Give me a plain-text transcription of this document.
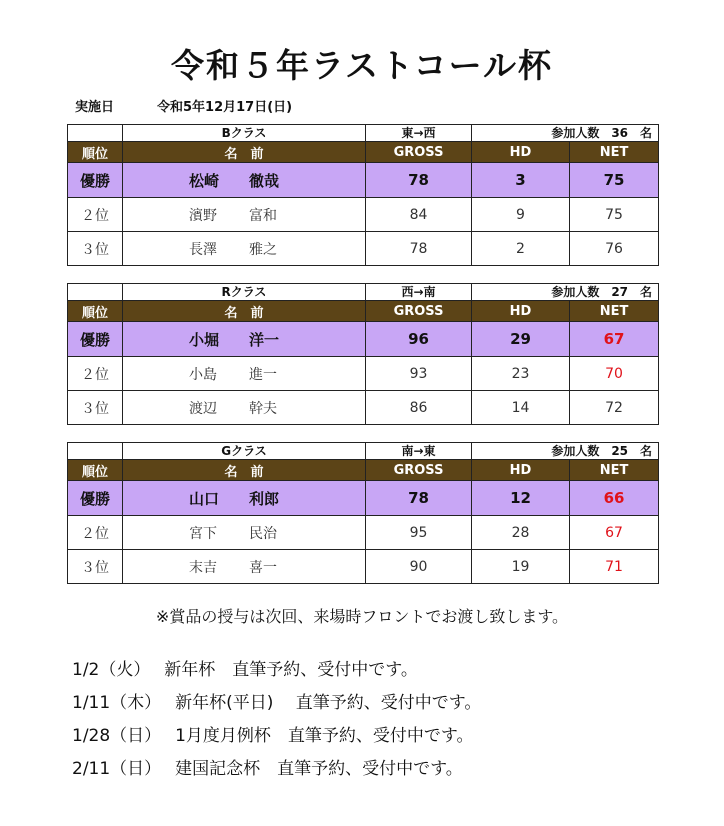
令和５年ラストコール杯
実施日	令和5年12月17日(日)
	Bクラス	東→西	参加人数　36　名	
順位	名　前	GROSS	HD	NET
優勝	松崎 徹哉	78	3	75
２位	濱野 富和	84	9	75
３位	長澤 雅之	78	2	76
	Rクラス	西→南	参加人数　27　名	
順位	名　前	GROSS	HD	NET
優勝	小堀 洋一	96	29	67
２位	小島 進一	93	23	70
３位	渡辺 幹夫	86	14	72
	Gクラス	南→東	参加人数　25　名	
順位	名　前	GROSS	HD	NET
優勝	山口 利郎	78	12	66
２位	宮下 民治	95	28	67
３位	末吉 喜一	90	19	71
※賞品の授与は次回、来場時フロントでお渡し致します。
1/2（火）　 新年杯　直筆予約、受付中です。
1/11（木）　 新年杯(平日)　 直筆予約、受付中です。
1/28（日）　 1月度月例杯　直筆予約、受付中です。
2/11（日）　 建国記念杯　直筆予約、受付中です。
